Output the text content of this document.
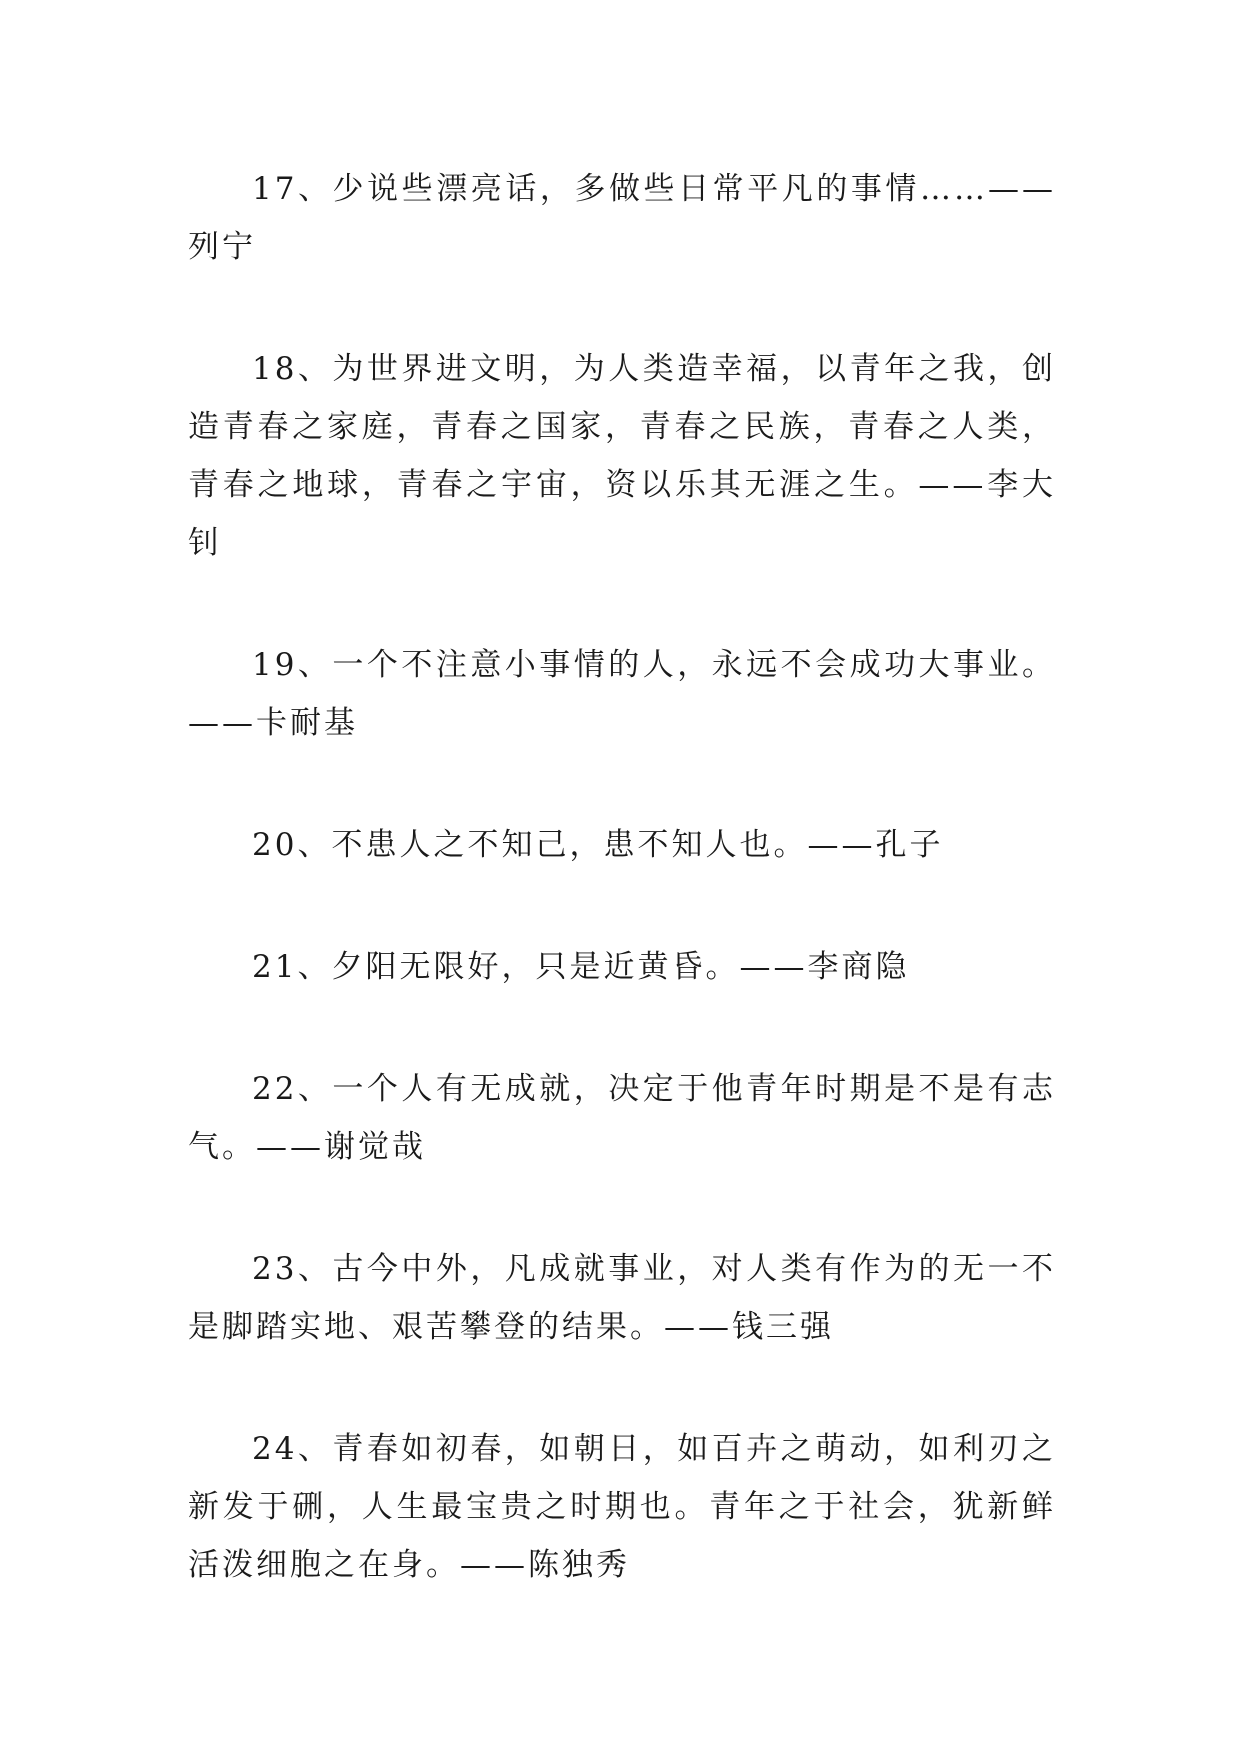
17、少说些漂亮话，多做些日常平凡的事情……——列宁

18、为世界进文明，为人类造幸福，以青年之我，创造青春之家庭，青春之国家，青春之民族，青春之人类，青春之地球，青春之宇宙，资以乐其无涯之生。——李大钊

19、一个不注意小事情的人，永远不会成功大事业。——卡耐基

20、不患人之不知己，患不知人也。——孔子

21、夕阳无限好，只是近黄昏。——李商隐

22、一个人有无成就，决定于他青年时期是不是有志气。——谢觉哉

23、古今中外，凡成就事业，对人类有作为的无一不是脚踏实地、艰苦攀登的结果。——钱三强

24、青春如初春，如朝日，如百卉之萌动，如利刃之新发于硎，人生最宝贵之时期也。青年之于社会，犹新鲜活泼细胞之在身。——陈独秀
